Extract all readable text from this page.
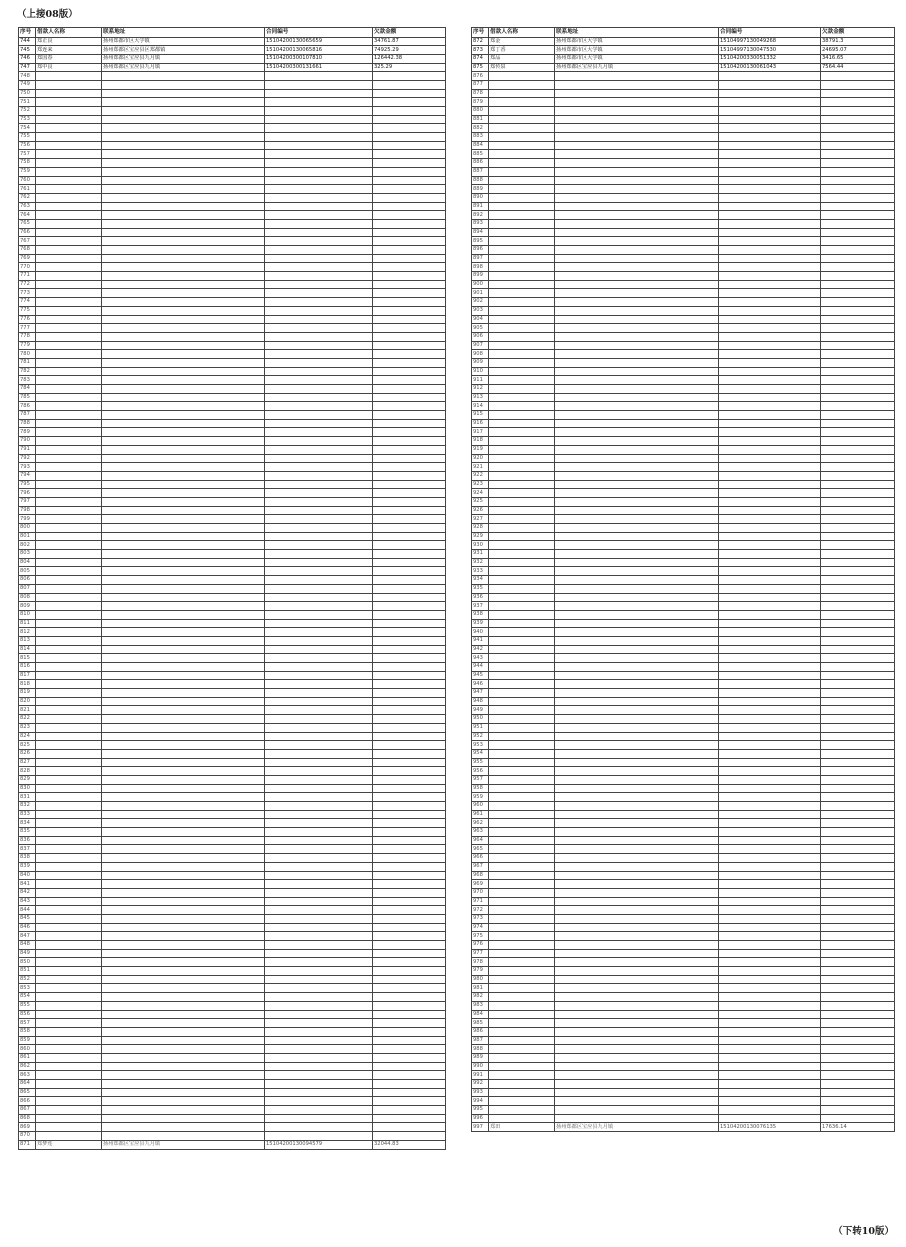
（上接08版）
序号	借款人名称	联系地址	合同编号	欠款金额
744	郑正良	扬州郑都市区大学镇	15104200130065659	34761.87
745	郑连来	扬州郑都区宝应县区郑都镇	15104200130065816	74925.29
746	郑国春	扬州郑都区宝应县九月镇	15104200300107810	126442.38
747	郑中良	扬州郑都区宝应县九月镇	15104200300131661	325.29
748				
749				
750				
751				
752				
753				
754				
755				
756				
757				
758				
759				
760				
761				
762				
763				
764				
765				
766				
767				
768				
769				
770				
771				
772				
773				
774				
775				
776				
777				
778				
779				
780				
781				
782				
783				
784				
785				
786				
787				
788				
789				
790				
791				
792				
793				
794				
795				
796				
797				
798				
799				
800				
801				
802				
803				
804				
805				
806				
807				
808				
809				
810				
811				
812				
813				
814				
815				
816				
817				
818				
819				
820				
821				
822				
823				
824				
825				
826				
827				
828				
829				
830				
831				
832				
833				
834				
835				
836				
837				
838				
839				
840				
841				
842				
843				
844				
845				
846				
847				
848				
849				
850				
851				
852				
853				
854				
855				
856				
857				
858				
859				
860				
861				
862				
863				
864				
865				
866				
867				
868				
869				
870				
871	郑梦莲	扬州郑都区宝应县九月镇	15104200130094579	32044.83
序号	借款人名称	联系地址	合同编号	欠款金额
872	郑金	扬州郑都市区大学镇	15104997130049268	38791.3
873	郑丁香	扬州郑都市区大学镇	15104997130047530	24695.07
874	郑品	扬州郑都市区大学镇	15104200330051332	3416.65
875	郑传泉	扬州郑都区宝应县九月镇	15104200130061043	7564.44
876				
877				
878				
879				
880				
881				
882				
883				
884				
885				
886				
887				
888				
889				
890				
891				
892				
893				
894				
895				
896				
897				
898				
899				
900				
901				
902				
903				
904				
905				
906				
907				
908				
909				
910				
911				
912				
913				
914				
915				
916				
917				
918				
919				
920				
921				
922				
923				
924				
925				
926				
927				
928				
929				
930				
931				
932				
933				
934				
935				
936				
937				
938				
939				
940				
941				
942				
943				
944				
945				
946				
947				
948				
949				
950				
951				
952				
953				
954				
955				
956				
957				
958				
959				
960				
961				
962				
963				
964				
965				
966				
967				
968				
969				
970				
971				
972				
973				
974				
975				
976				
977				
978				
979				
980				
981				
982				
983				
984				
985				
986				
987				
988				
989				
990				
991				
992				
993				
994				
995				
996				
997	郑田	扬州郑都区宝应县九月镇	15104200130076135	17636.14
（下转10版）
